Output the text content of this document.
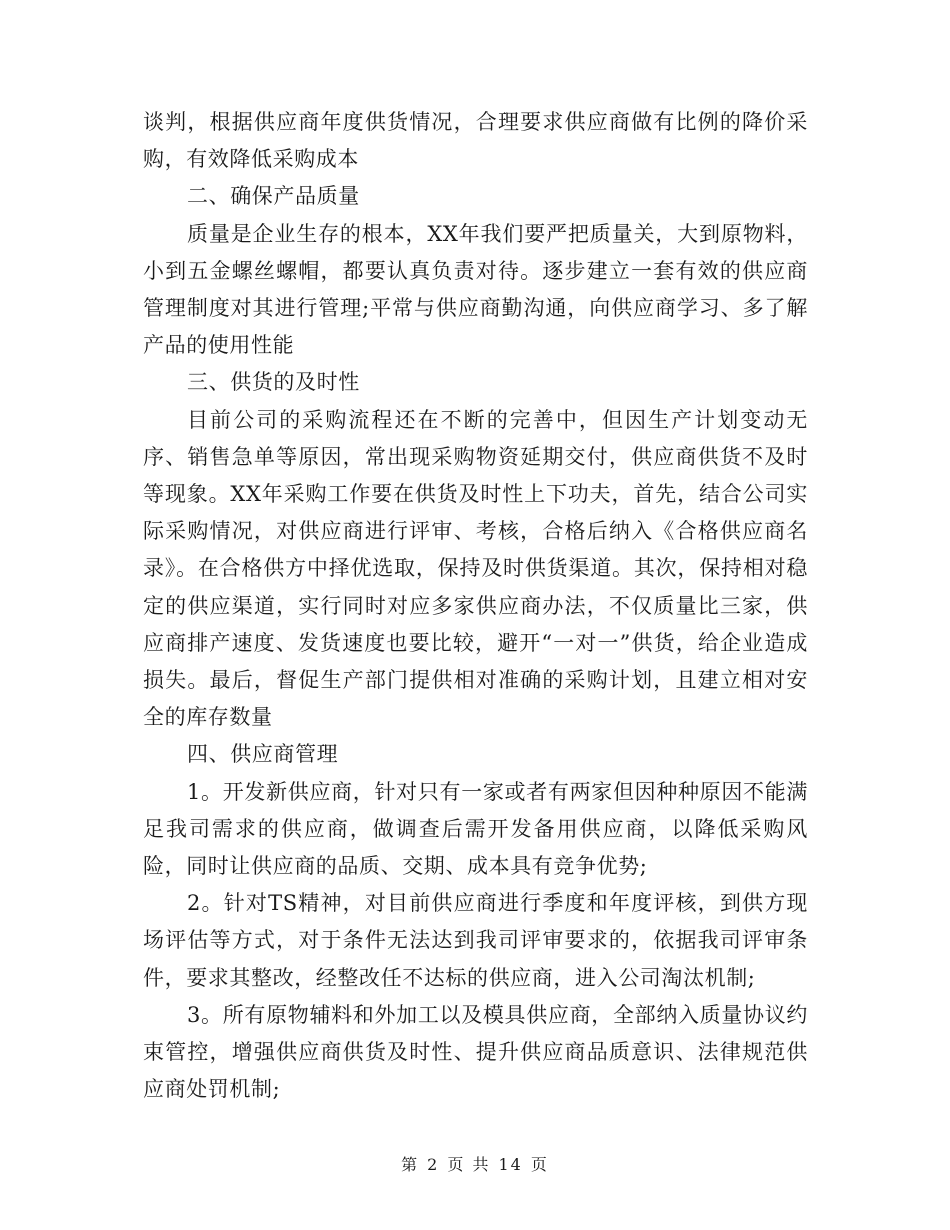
谈判，根据供应商年度供货情况，合理要求供应商做有比例的降价采购，有效降低采购成本

二、确保产品质量

质量是企业生存的根本，XX年我们要严把质量关，大到原物料，小到五金螺丝螺帽，都要认真负责对待。逐步建立一套有效的供应商管理制度对其进行管理;平常与供应商勤沟通，向供应商学习、多了解产品的使用性能

三、供货的及时性

目前公司的采购流程还在不断的完善中，但因生产计划变动无序、销售急单等原因，常出现采购物资延期交付，供应商供货不及时等现象。XX年采购工作要在供货及时性上下功夫，首先，结合公司实际采购情况，对供应商进行评审、考核，合格后纳入《合格供应商名录》。在合格供方中择优选取，保持及时供货渠道。其次，保持相对稳定的供应渠道，实行同时对应多家供应商办法，不仅质量比三家，供应商排产速度、发货速度也要比较，避开“一对一”供货，给企业造成损失。最后，督促生产部门提供相对准确的采购计划，且建立相对安全的库存数量

四、供应商管理

1。开发新供应商，针对只有一家或者有两家但因种种原因不能满足我司需求的供应商，做调查后需开发备用供应商，以降低采购风险，同时让供应商的品质、交期、成本具有竞争优势;

2。针对TS精神，对目前供应商进行季度和年度评核，到供方现场评估等方式，对于条件无法达到我司评审要求的，依据我司评审条件，要求其整改，经整改任不达标的供应商，进入公司淘汰机制;

3。所有原物辅料和外加工以及模具供应商，全部纳入质量协议约束管控，增强供应商供货及时性、提升供应商品质意识、法律规范供应商处罚机制;

第 2 页 共 14 页
